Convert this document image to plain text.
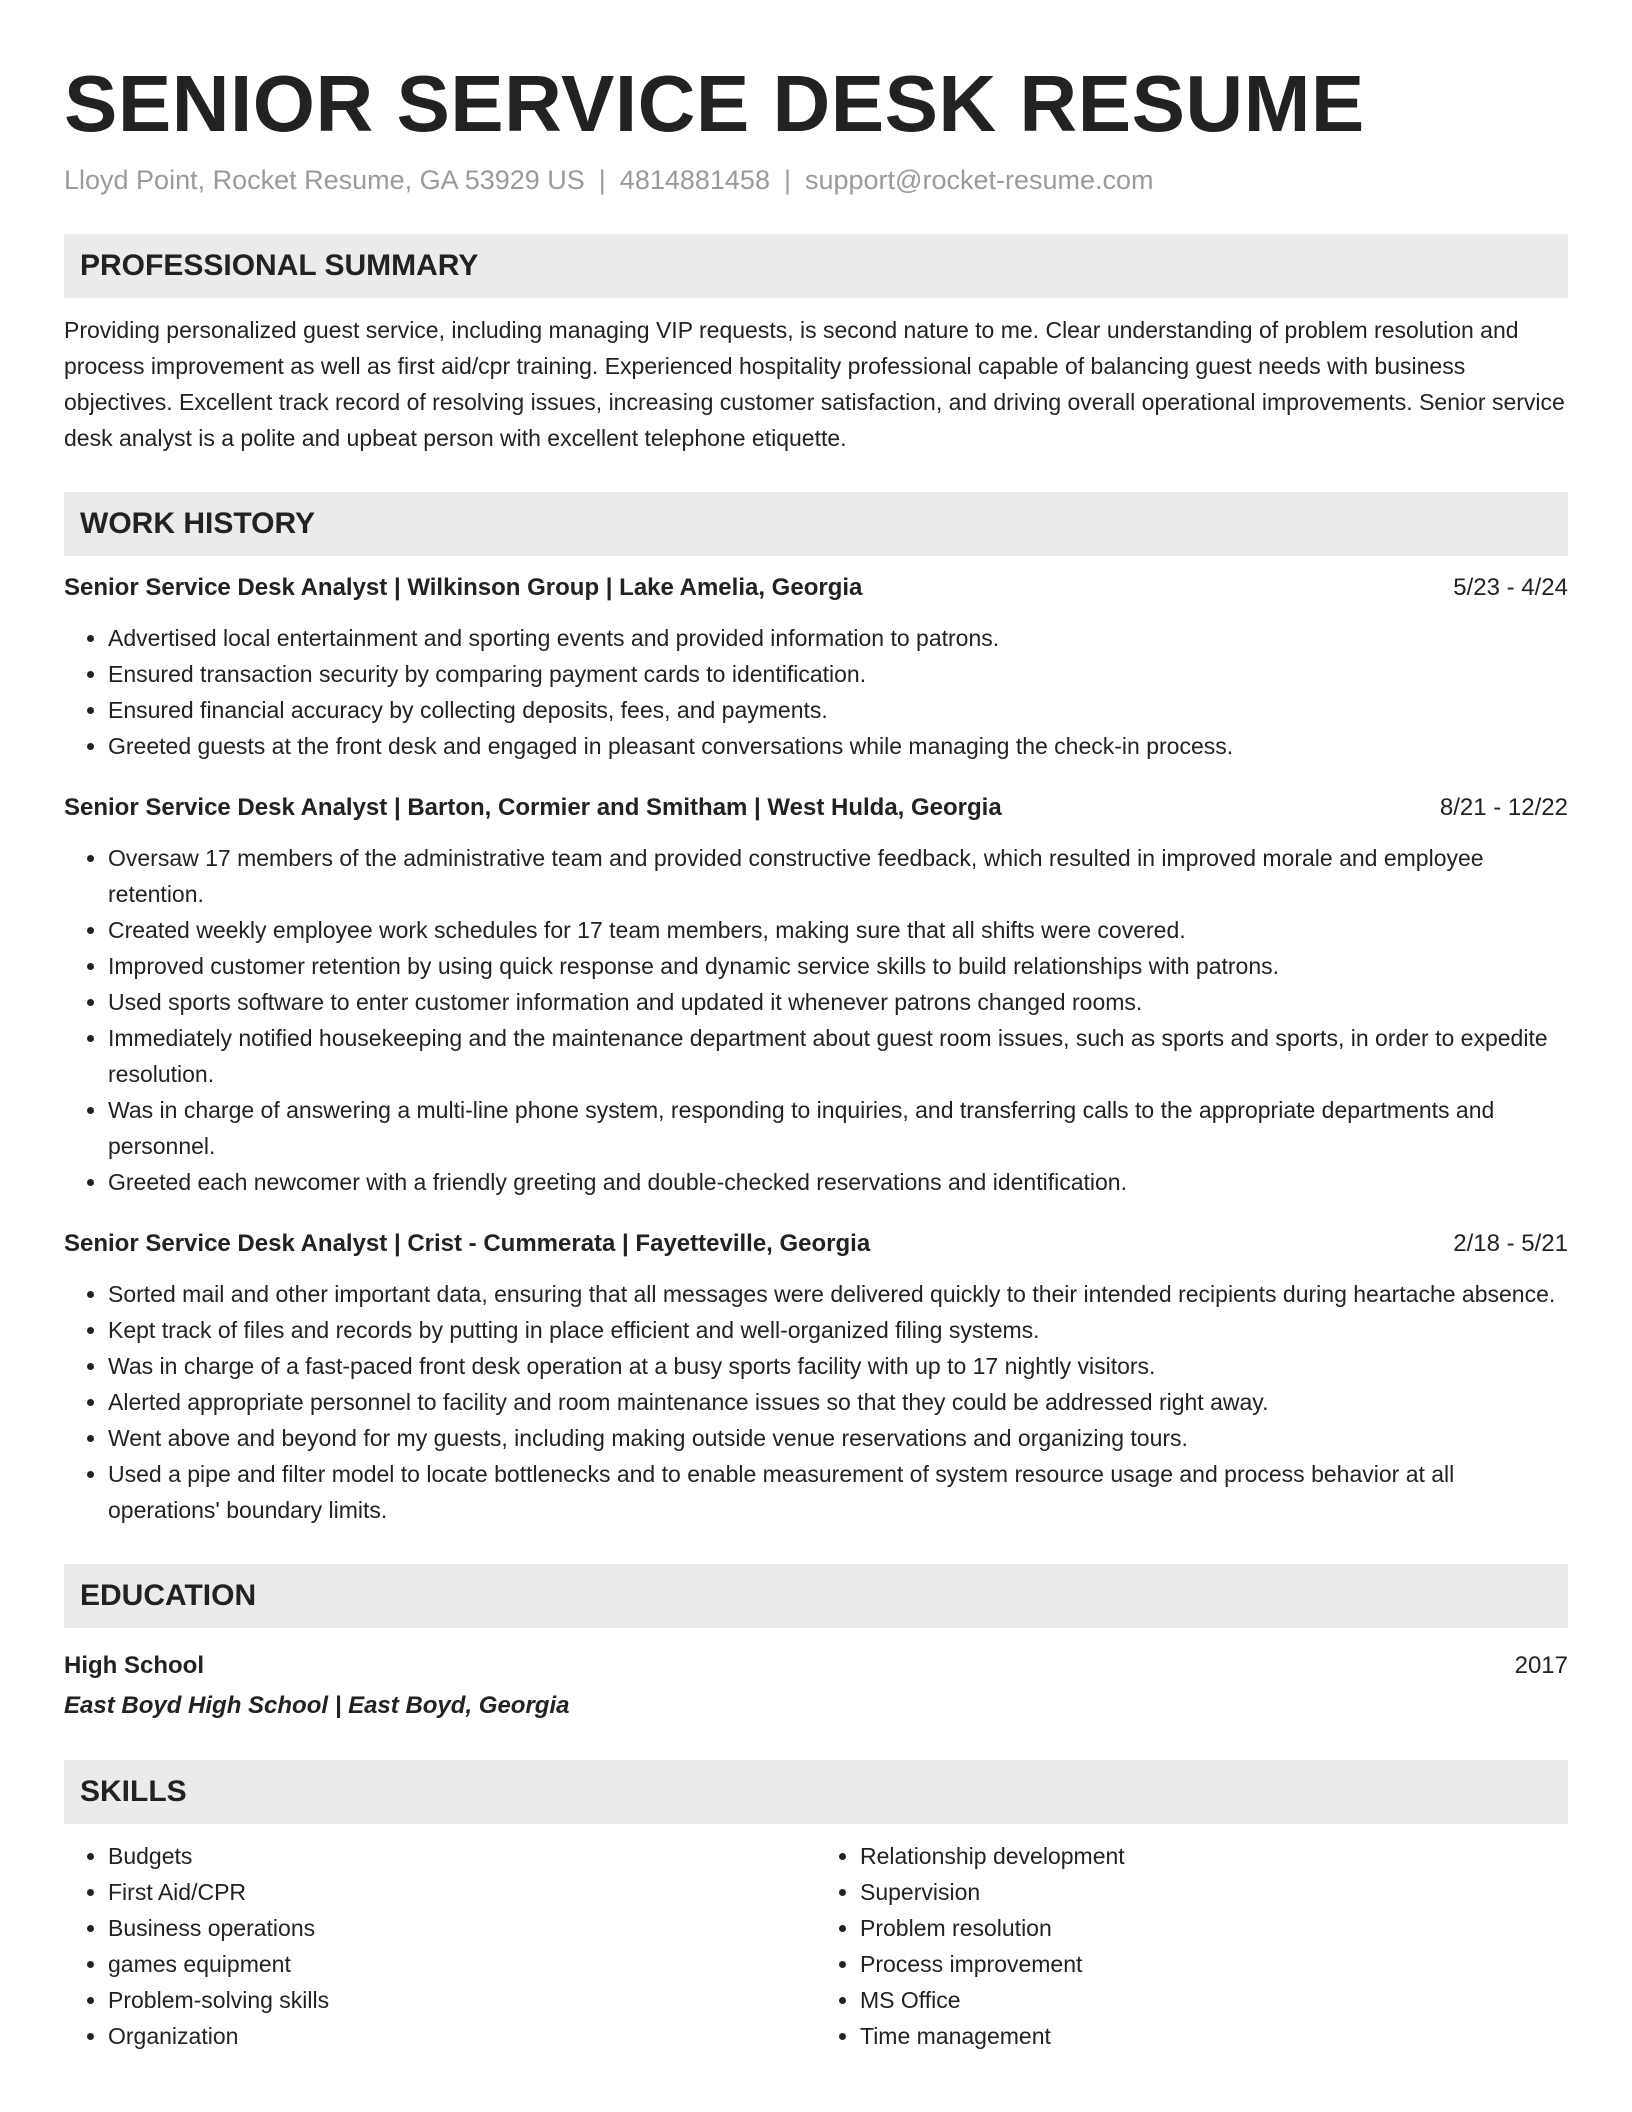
SENIOR SERVICE DESK RESUME
Lloyd Point, Rocket Resume, GA 53929 US | 4814881458 | support@rocket-resume.com
PROFESSIONAL SUMMARY
Providing personalized guest service, including managing VIP requests, is second nature to me. Clear understanding of problem resolution and process improvement as well as first aid/cpr training. Experienced hospitality professional capable of balancing guest needs with business objectives. Excellent track record of resolving issues, increasing customer satisfaction, and driving overall operational improvements. Senior service desk analyst is a polite and upbeat person with excellent telephone etiquette.
WORK HISTORY
Senior Service Desk Analyst | Wilkinson Group | Lake Amelia, Georgia	5/23 - 4/24
• Advertised local entertainment and sporting events and provided information to patrons.
• Ensured transaction security by comparing payment cards to identification.
• Ensured financial accuracy by collecting deposits, fees, and payments.
• Greeted guests at the front desk and engaged in pleasant conversations while managing the check-in process.
Senior Service Desk Analyst | Barton, Cormier and Smitham | West Hulda, Georgia	8/21 - 12/22
• Oversaw 17 members of the administrative team and provided constructive feedback, which resulted in improved morale and employee retention.
• Created weekly employee work schedules for 17 team members, making sure that all shifts were covered.
• Improved customer retention by using quick response and dynamic service skills to build relationships with patrons.
• Used sports software to enter customer information and updated it whenever patrons changed rooms.
• Immediately notified housekeeping and the maintenance department about guest room issues, such as sports and sports, in order to expedite resolution.
• Was in charge of answering a multi-line phone system, responding to inquiries, and transferring calls to the appropriate departments and personnel.
• Greeted each newcomer with a friendly greeting and double-checked reservations and identification.
Senior Service Desk Analyst | Crist - Cummerata | Fayetteville, Georgia	2/18 - 5/21
• Sorted mail and other important data, ensuring that all messages were delivered quickly to their intended recipients during heartache absence.
• Kept track of files and records by putting in place efficient and well-organized filing systems.
• Was in charge of a fast-paced front desk operation at a busy sports facility with up to 17 nightly visitors.
• Alerted appropriate personnel to facility and room maintenance issues so that they could be addressed right away.
• Went above and beyond for my guests, including making outside venue reservations and organizing tours.
• Used a pipe and filter model to locate bottlenecks and to enable measurement of system resource usage and process behavior at all operations' boundary limits.
EDUCATION
High School	2017
East Boyd High School | East Boyd, Georgia
SKILLS
• Budgets
• First Aid/CPR
• Business operations
• games equipment
• Problem-solving skills
• Organization
• Relationship development
• Supervision
• Problem resolution
• Process improvement
• MS Office
• Time management
